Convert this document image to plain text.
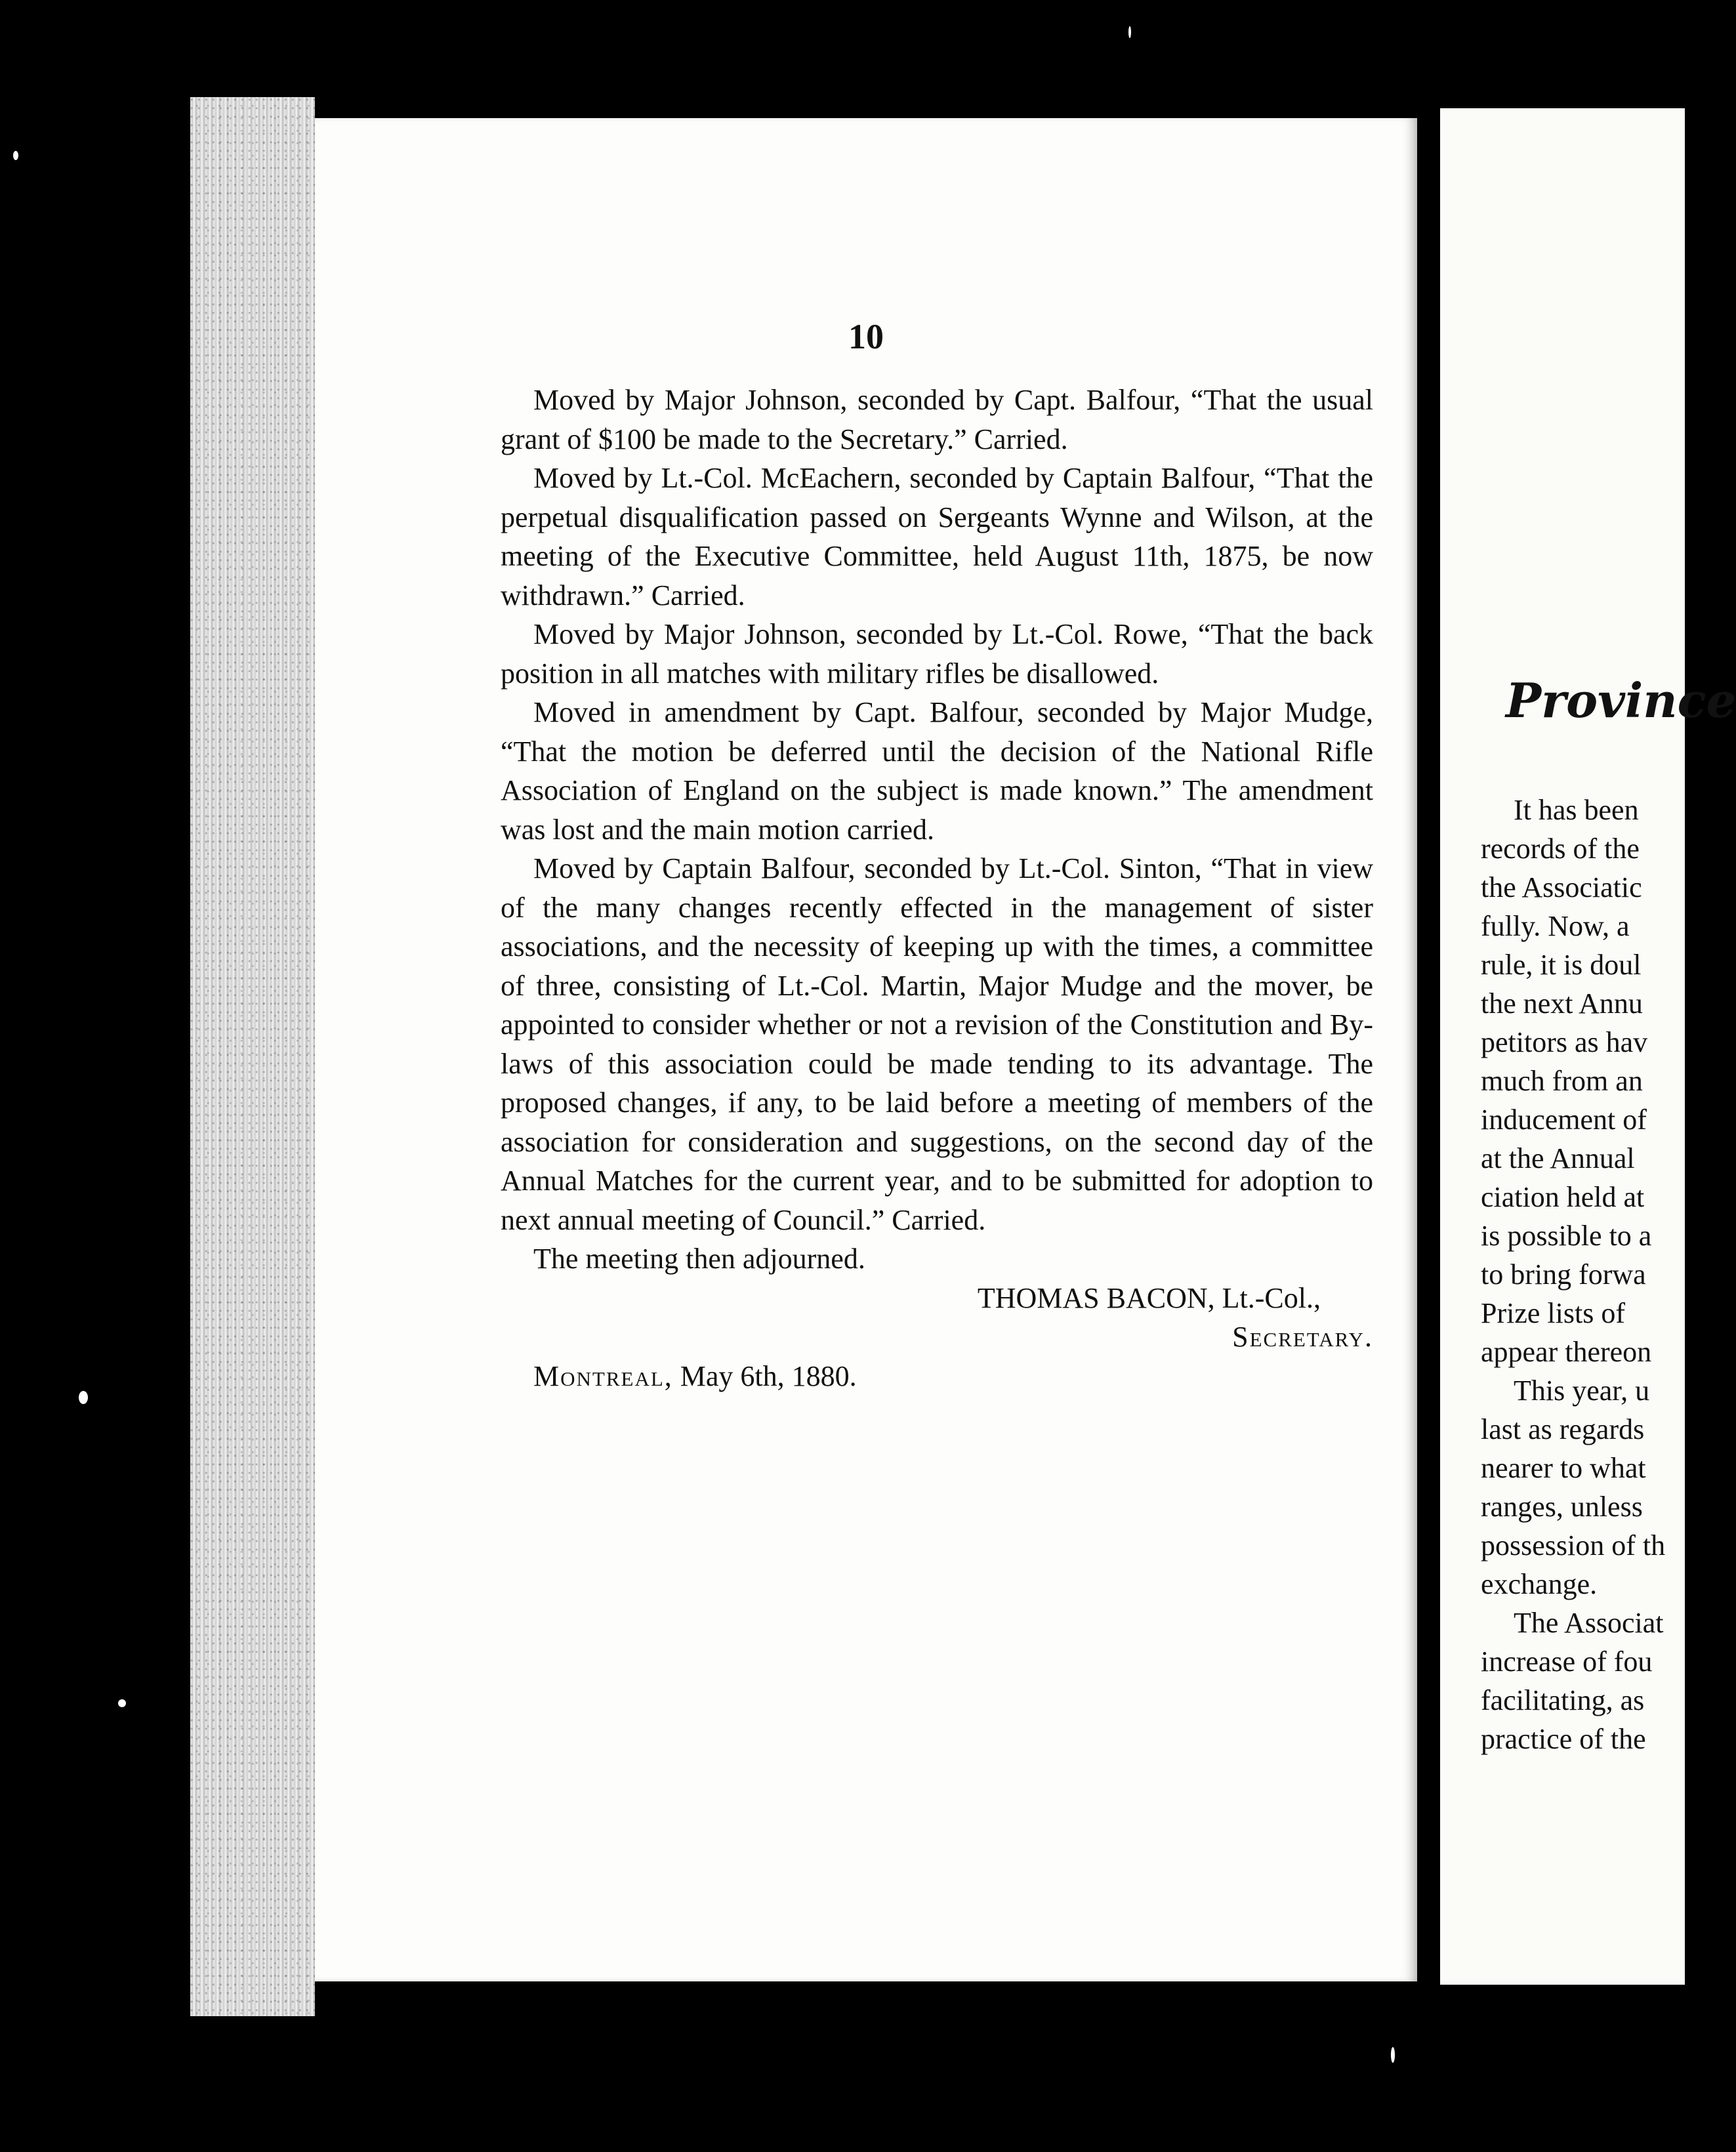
10

Moved by Major Johnson, seconded by Capt. Balfour, “That the usual grant of $100 be made to the Secretary.” Carried.

Moved by Lt.-Col. McEachern, seconded by Captain Balfour, “That the perpetual disqualification passed on Sergeants Wynne and Wilson, at the meeting of the Executive Committee, held August 11th, 1875, be now withdrawn.” Carried.

Moved by Major Johnson, seconded by Lt.-Col. Rowe, “That the back position in all matches with military rifles be disallowed.

Moved in amendment by Capt. Balfour, seconded by Major Mudge, “That the motion be deferred until the decision of the National Rifle Association of England on the subject is made known.” The amendment was lost and the main motion carried.

Moved by Captain Balfour, seconded by Lt.-Col. Sinton, “That in view of the many changes recently effected in the management of sister associations, and the necessity of keeping up with the times, a committee of three, consisting of Lt.-Col. Martin, Major Mudge and the mover, be appointed to consider whether or not a revision of the Constitution and By-laws of this association could be made tending to its advantage. The proposed changes, if any, to be laid before a meeting of members of the association for consideration and suggestions, on the second day of the Annual Matches for the current year, and to be submitted for adoption to next annual meeting of Council.” Carried.

The meeting then adjourned.

THOMAS BACON, Lt.-Col.,

Secretary.

Montreal, May 6th, 1880.

Province
It has been
records of the
the Associatic
fully. Now, a
rule, it is doul
the next Annu
petitors as hav
much from an
inducement of
at the Annual
ciation held at
is possible to a
to bring forwa
Prize lists of
appear thereon
This year, u
last as regards
nearer to what
ranges, unless
possession of th
exchange.
The Associat
increase of fou
facilitating, as
practice of the
